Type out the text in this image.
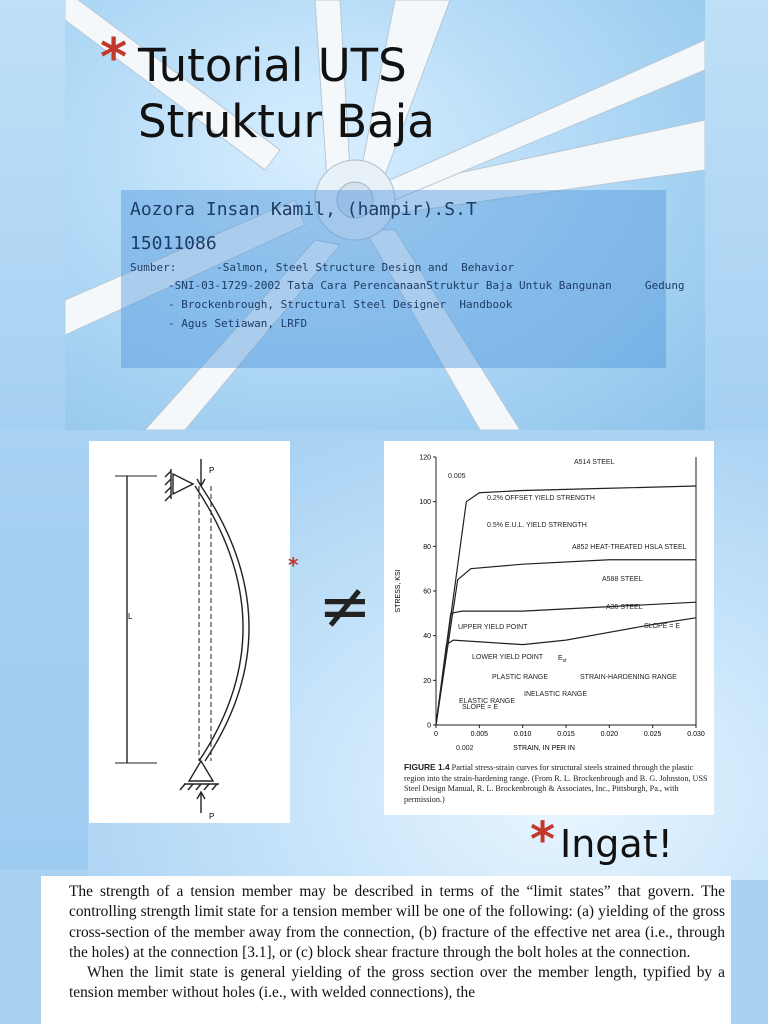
* Tutorial UTS
Struktur Baja
Aozora Insan Kamil, (hampir).S.T
15011086
Sumber:      -Salmon, Steel Structure Design and  Behavior
-SNI-03-1729-2002 Tata Cara PerencanaanStruktur Baja Untuk Bangunan     Gedung
- Brockenbrough, Structural Steel Designer  Handbook
- Agus Setiawan, LRFD
P
P
L
*
≠
0	0.005	0.010	0.015	0.020	0.025	0.030
0
20
40
60
80
100
120
A514 STEEL
A852 HEAT-TREATED HSLA STEEL
A588 STEEL
A36 STEEL
0.005
0.2% OFFSET YIELD STRENGTH
0.5% E.U.L. YIELD STRENGTH
UPPER YIELD POINT
LOWER YIELD POINT
SLOPE = E
SLOPE = E
PLASTIC RANGE	STRAIN-HARDENING RANGE
INELASTIC RANGE
ELASTIC RANGE
0.002
$E_{st}$
STRAIN, IN PER IN
STRESS, KSI
FIGURE 1.4 Partial stress-strain curves for structural steels strained through the plastic region into the strain-hardening range. (From R. L. Brockenbrough and B. G. Johnston, USS Steel Design Manual, R. L. Brockenbrough & Associates, Inc., Pittsburgh, Pa., with permission.)
* Ingat!

The strength of a tension member may be described in terms of the “limit states” that govern. The controlling strength limit state for a tension member will be one of the following: (a) yielding of the gross cross-section of the member away from the connection, (b) fracture of the effective net area (i.e., through the holes) at the connection [3.1], or (c) block shear fracture through the bolt holes at the connection.

When the limit state is general yielding of the gross section over the member length, typified by a tension member without holes (i.e., with welded connections), the
